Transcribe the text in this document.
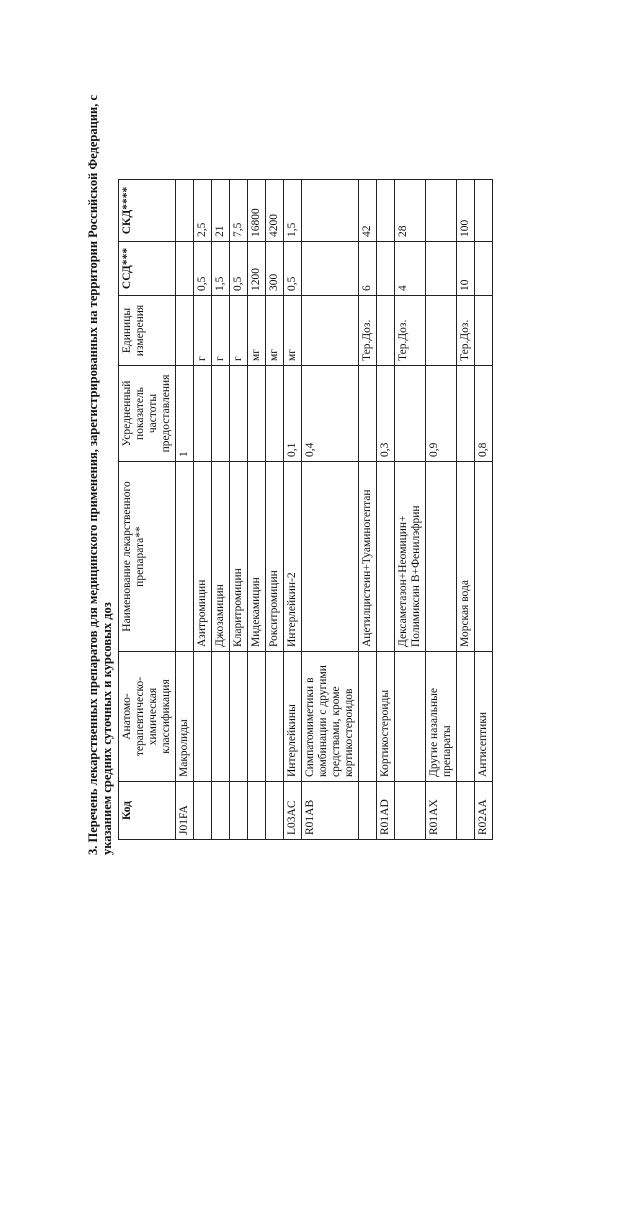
3. Перечень лекарственных препаратов для медицинского применения, зарегистрированных на территории Российской Федерации, с указанием средних суточных и курсовых доз Код	Анатомо-терапевтическо-химическая классификация	Наименование лекарственного препарата**	Усредненный показатель частоты предоставления	Единицы измерения	ССД***	СКД****
J01FA	Макролиды		1			
		Азитромицин		г	0,5	2,5
		Джозамицин		г	1,5	21
		Кларитромицин		г	0,5	7,5
		Мидекамицин		мг	1200	16800
		Рокситромицин		мг	300	4200
L03AC	Интерлейкины	Интерлейкин-2	0,1	мг	0,5	1,5
R01AB	Симпатомиметики в комбинации с другими средствами, кроме кортикостероидов		0,4			
		Ацетилцистеин+Туаминогептан		Тер.Доз.	6	42
R01AD	Кортикостероиды		0,3			
		Дексаметазон+Неомицин+ Полимиксин В+Фенилэфрин		Тер.Доз.	4	28
R01AX	Другие назальные препараты		0,9			
		Морская вода		Тер.Доз.	10	100
R02AA	Антисептики		0,8			
